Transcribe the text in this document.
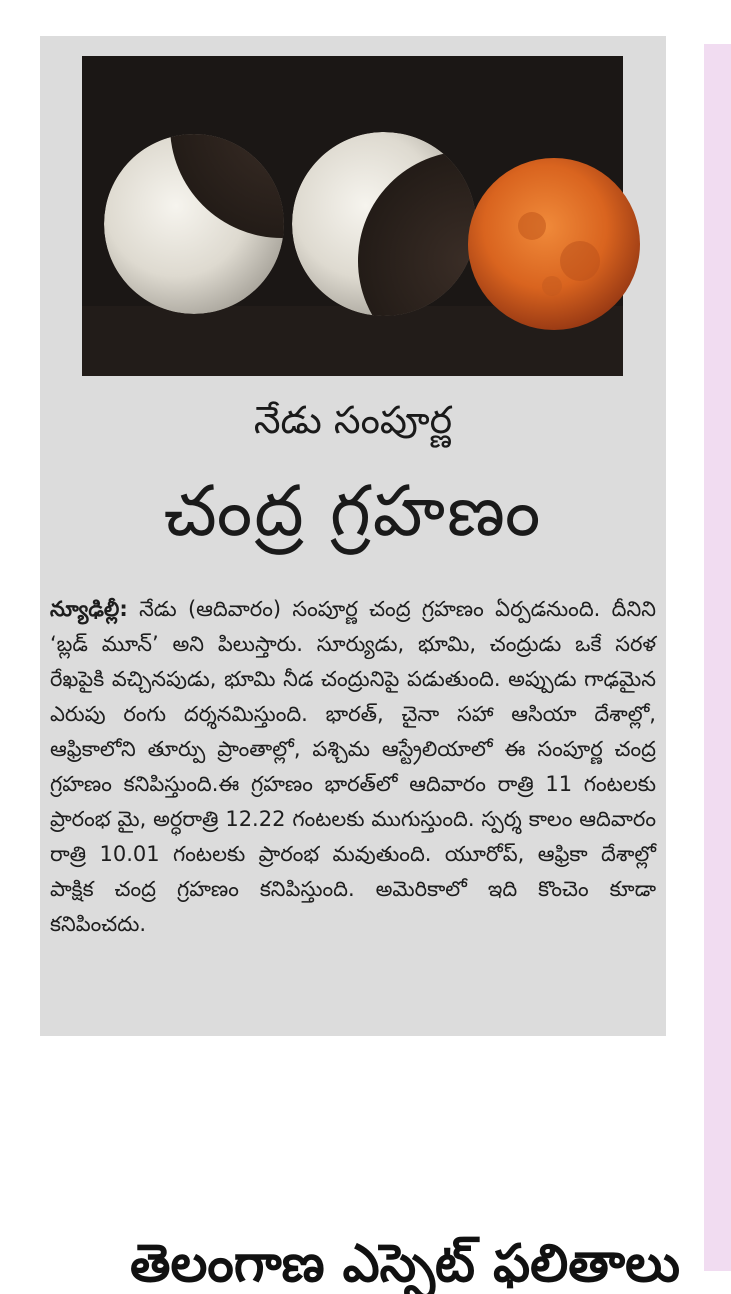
నేడు సంపూర్ణ
చంద్ర గ్రహణం
న్యూఢిల్లీ: నేడు (ఆదివారం) సంపూర్ణ చంద్ర గ్రహణం ఏర్పడనుంది. దీనిని ‘బ్లడ్ మూన్’ అని పిలుస్తారు. సూర్యుడు, భూమి, చంద్రుడు ఒకే సరళ రేఖపైకి వచ్చినపుడు, భూమి నీడ చంద్రునిపై పడుతుంది. అప్పుడు గాఢమైన ఎరుపు రంగు దర్శనమిస్తుంది. భారత్, చైనా సహా ఆసియా దేశాల్లో, ఆఫ్రికాలోని తూర్పు ప్రాంతాల్లో, పశ్చిమ ఆస్ట్రేలియాలో ఈ సంపూర్ణ చంద్ర గ్రహణం కనిపిస్తుంది.ఈ గ్రహణం భారత్‌లో ఆదివారం రాత్రి 11 గంటలకు ప్రారంభ మై, అర్ధరాత్రి 12.22 గంటలకు ముగుస్తుంది. స్పర్శ కాలం ఆదివారం రాత్రి 10.01 గంటలకు ప్రారంభ మవుతుంది. యూరోప్, ఆఫ్రికా దేశాల్లో పాక్షిక చంద్ర గ్రహణం కనిపిస్తుంది. అమెరికాలో ఇది కొంచెం కూడా కనిపించదు.
తెలంగాణ ఎస్సెట్ ఫలితాలు
